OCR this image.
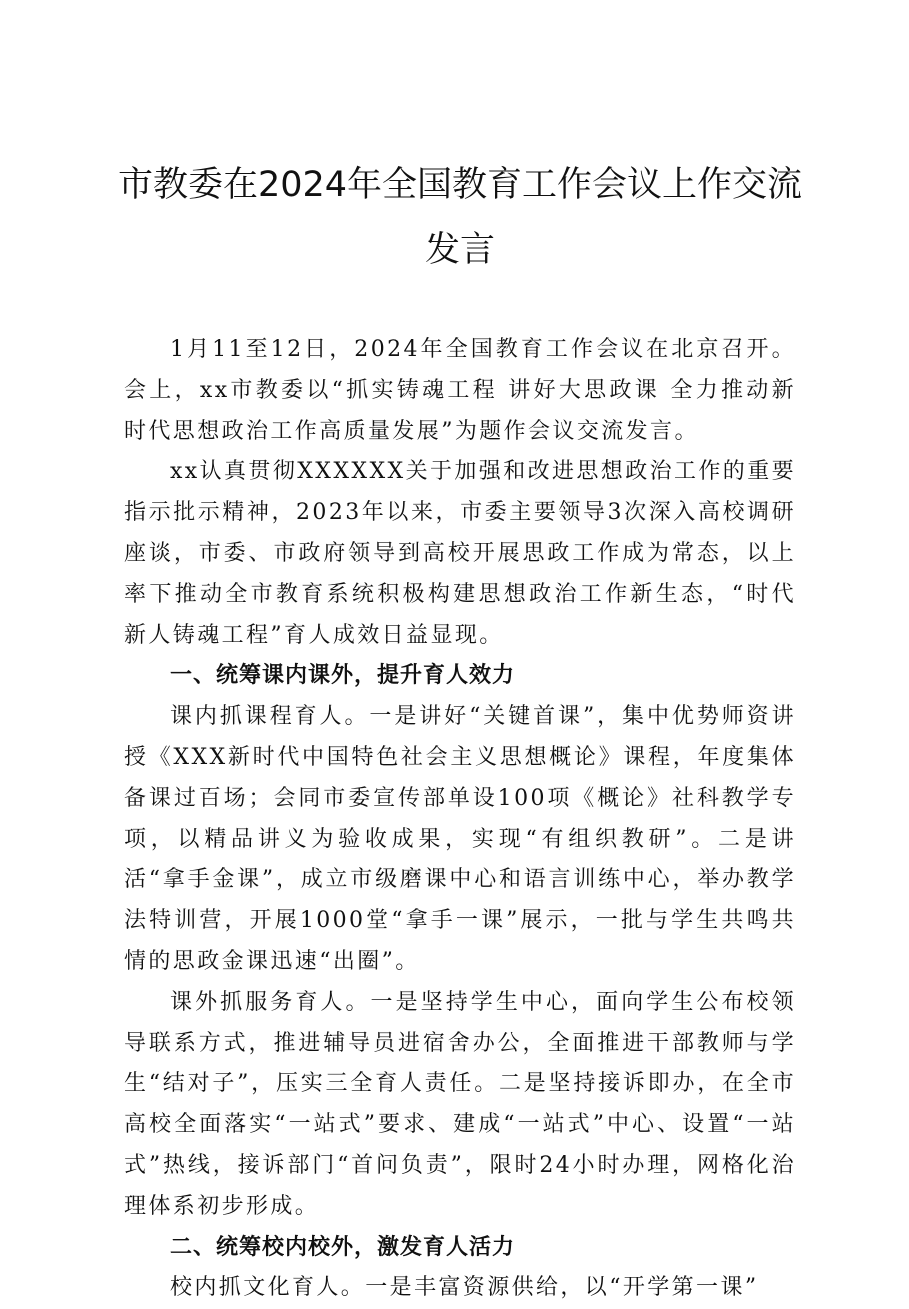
市教委在2024年全国教育工作会议上作交流
发言

1月11至12日，2024年全国教育工作会议在北京召开。会上，xx市教委以“抓实铸魂工程 讲好大思政课 全力推动新时代思想政治工作高质量发展”为题作会议交流发言。

xx认真贯彻XXXXXX关于加强和改进思想政治工作的重要指示批示精神，2023年以来，市委主要领导3次深入高校调研座谈，市委、市政府领导到高校开展思政工作成为常态，以上率下推动全市教育系统积极构建思想政治工作新生态，“时代新人铸魂工程”育人成效日益显现。

一、统筹课内课外，提升育人效力

课内抓课程育人。一是讲好“关键首课”，集中优势师资讲授《XXX新时代中国特色社会主义思想概论》课程，年度集体备课过百场；会同市委宣传部单设100项《概论》社科教学专项，以精品讲义为验收成果，实现“有组织教研”。二是讲活“拿手金课”，成立市级磨课中心和语言训练中心，举办教学法特训营，开展1000堂“拿手一课”展示，一批与学生共鸣共情的思政金课迅速“出圈”。

课外抓服务育人。一是坚持学生中心，面向学生公布校领导联系方式，推进辅导员进宿舍办公，全面推进干部教师与学生“结对子”，压实三全育人责任。二是坚持接诉即办，在全市高校全面落实“一站式”要求、建成“一站式”中心、设置“一站式”热线，接诉部门“首问负责”，限时24小时办理，网格化治理体系初步形成。

二、统筹校内校外，激发育人活力

校内抓文化育人。一是丰富资源供给，以“开学第一课”
